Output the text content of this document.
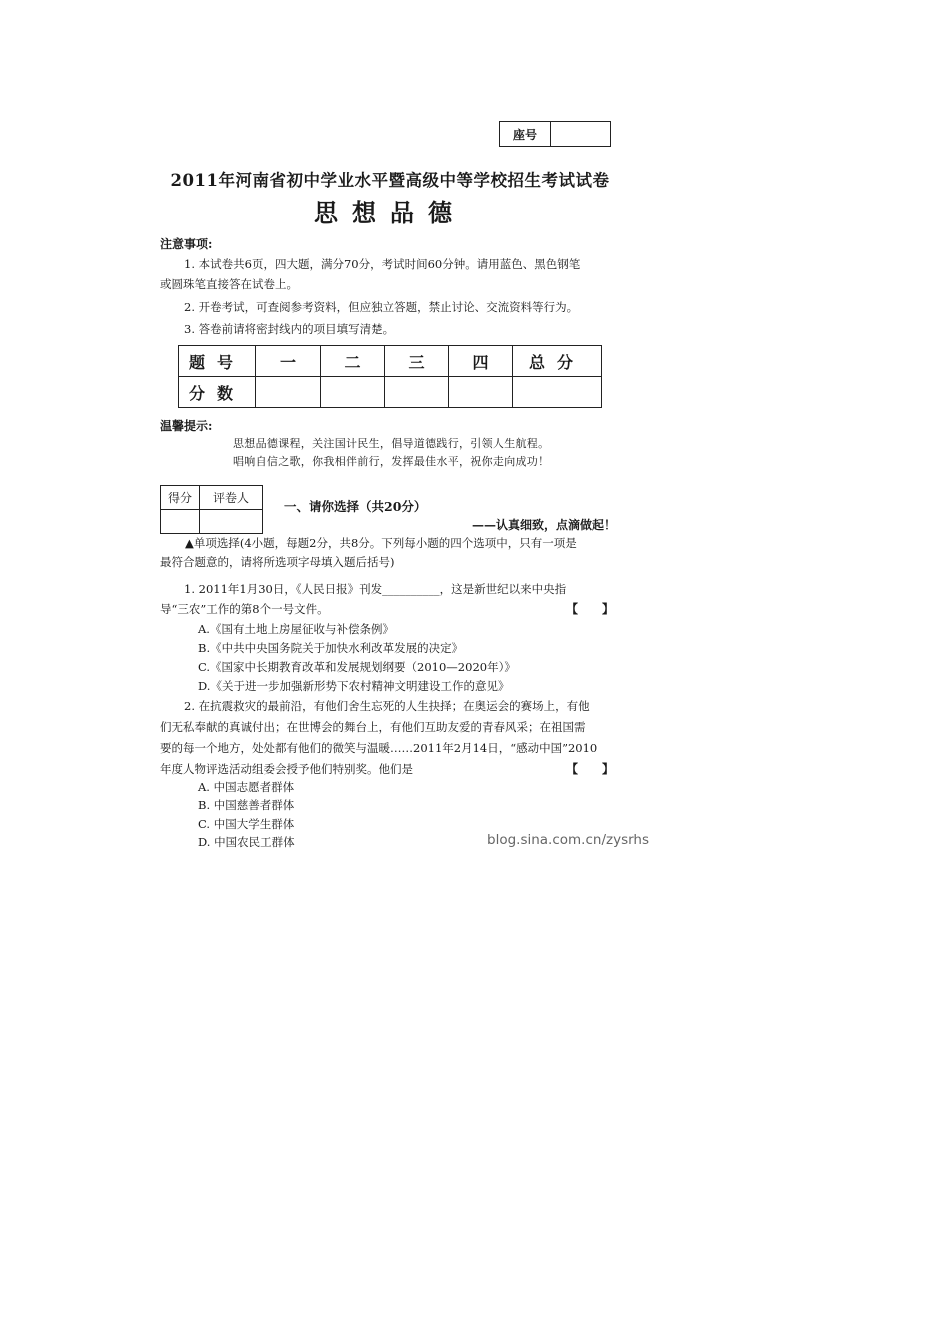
座号
2011年河南省初中学业水平暨高级中等学校招生考试试卷
思想品德
注意事项:
1. 本试卷共6页，四大题，满分70分，考试时间60分钟。请用蓝色、黑色钢笔
或圆珠笔直接答在试卷上。
2. 开卷考试，可查阅参考资料，但应独立答题，禁止讨论、交流资料等行为。
3. 答卷前请将密封线内的项目填写清楚。
题号	一	二	三	四	总分
分数					
温馨提示:
思想品德课程，关注国计民生，倡导道德践行，引领人生航程。
唱响自信之歌，你我相伴前行，发挥最佳水平，祝你走向成功！
得分	评卷人

一、请你选择（共20分）
——认真细致，点滴做起！
▲单项选择(4小题，每题2分，共8分。下列每小题的四个选项中，只有一项是
最符合题意的，请将所选项字母填入题后括号)
1. 2011年1月30日，《人民日报》刊发__________，这是新世纪以来中央指
导“三农”工作的第8个一号文件。	【　　】
A.《国有土地上房屋征收与补偿条例》
B.《中共中央国务院关于加快水利改革发展的决定》
C.《国家中长期教育改革和发展规划纲要（2010—2020年）》
D.《关于进一步加强新形势下农村精神文明建设工作的意见》
2. 在抗震救灾的最前沿，有他们舍生忘死的人生抉择；在奥运会的赛场上，有他
们无私奉献的真诚付出；在世博会的舞台上，有他们互助友爱的青春风采；在祖国需
要的每一个地方，处处都有他们的微笑与温暖……2011年2月14日，“感动中国”2010
年度人物评选活动组委会授予他们特别奖。他们是	【　　】
A. 中国志愿者群体
B. 中国慈善者群体
C. 中国大学生群体
D. 中国农民工群体	blog.sina.com.cn/zysrhs
